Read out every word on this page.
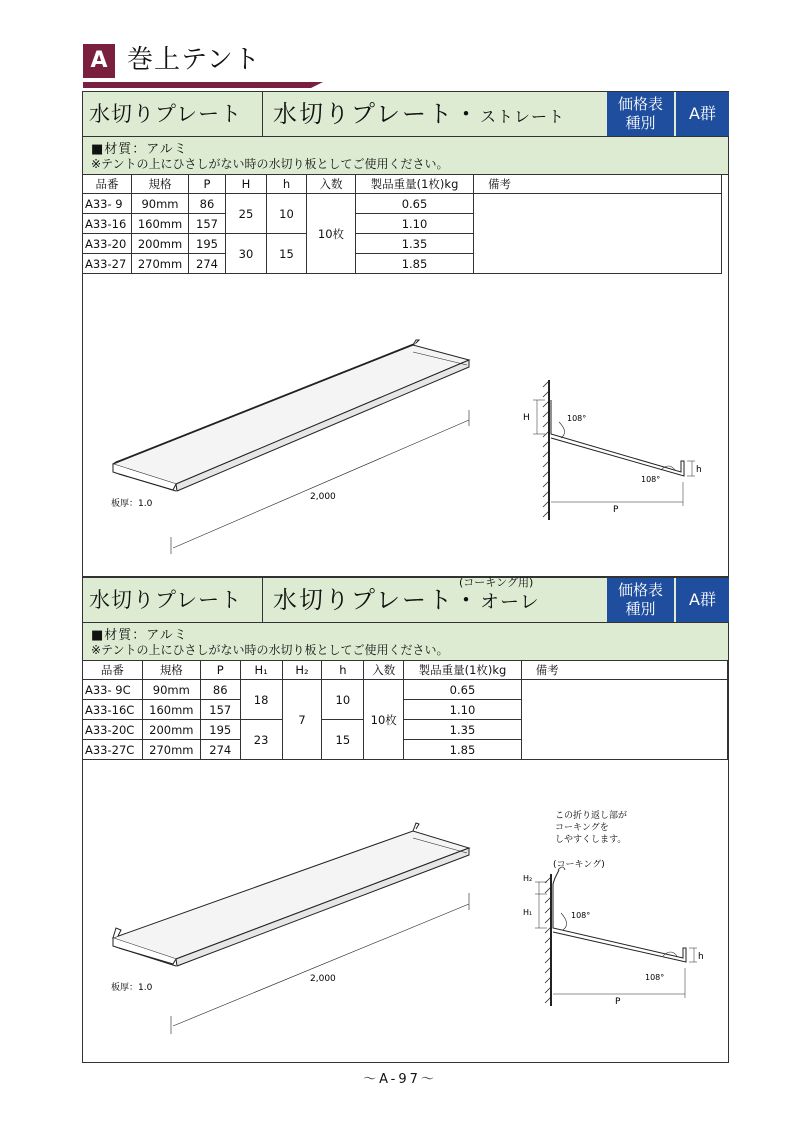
A 巻上テント
水切りプレート	水切りプレート・ストレート
価格表
種別	A群
■材質：アルミ
※テントの上にひさしがない時の水切り板としてご使用ください。
品番	規格	P	H	h	入数	製品重量(1枚)kg	備考
A33- 9	90mm	86	25	10	10枚	0.65	
A33-16	160mm	157				1.10	
A33-20	200mm	195	30	15		1.35	
A33-27	270mm	274				1.85	
板厚：1.0
2,000
H	108°
108°
h
P
水切りプレート	水切りプレート・オーレ
(コーキング用)	価格表
種別	A群
■材質：アルミ
※テントの上にひさしがない時の水切り板としてご使用ください。
品番	規格	P	H₁	H₂	h	入数	製品重量(1枚)kg	備考
A33- 9C	90mm	86	18	7	10	10枚	0.65	
A33-16C	160mm	157					1.10	
A33-20C	200mm	195	23		15		1.35	
A33-27C	270mm	274					1.85	
板厚：1.0
2,000
この折り返し部が
コーキングを
しやすくします。
(コーキング)
H₂
H₁	108°
108°
h
P
〜A-97〜
